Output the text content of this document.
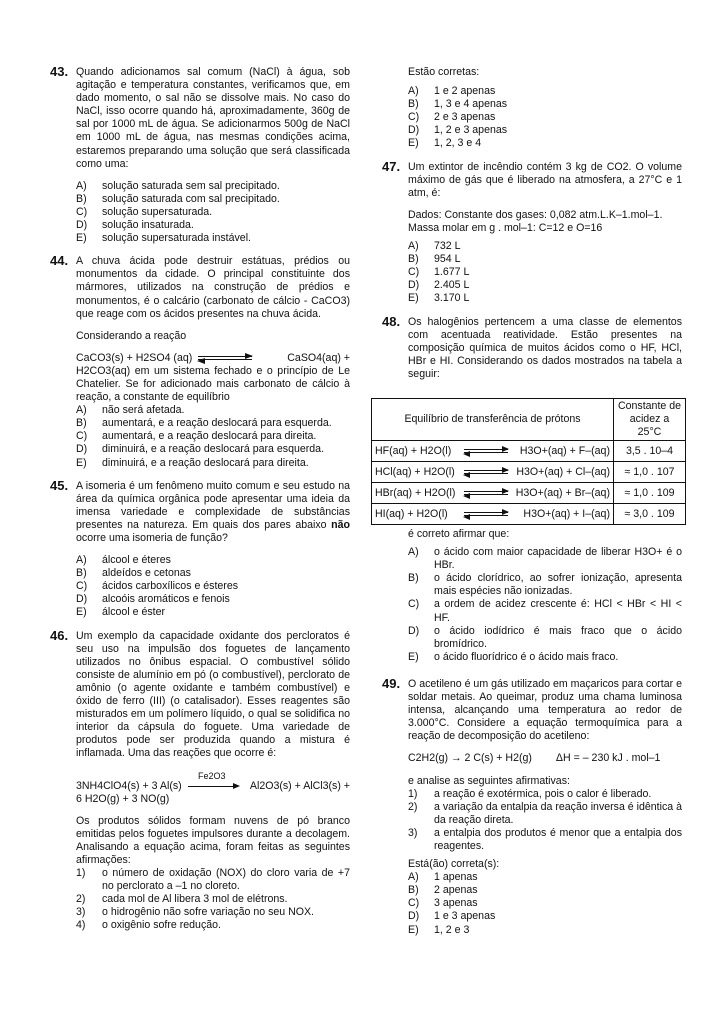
43. Quando adicionamos sal comum (NaCl) à água, sob agitação e temperatura constantes, verificamos que, em dado momento, o sal não se dissolve mais. No caso do NaCl, isso ocorre quando há, aproximadamente, 360g de sal por 1000 mL de água. Se adicionarmos 500g de NaCl em 1000 mL de água, nas mesmas condições acima, estaremos preparando uma solução que será classificada como uma:

A)	solução saturada sem sal precipitado.
B)	solução saturada com sal precipitado.
C)	solução supersaturada.
D)	solução insaturada.
E)	solução supersaturada instável.
44. A chuva ácida pode destruir estátuas, prédios ou monumentos da cidade. O principal constituinte dos mármores, utilizados na construção de prédios e monumentos, é o calcário (carbonato de cálcio - CaCO3) que reage com os ácidos presentes na chuva ácida.

Considerando a reação

CaCO3(s) + H2SO4 (aq)	CaSO4(aq) +

H2CO3(aq) em um sistema fechado e o princípio de Le Chatelier. Se for adicionado mais carbonato de cálcio à reação, a constante de equilíbrio

A)	não será afetada.
B)	aumentará, e a reação deslocará para esquerda.
C)	aumentará, e a reação deslocará para direita.
D)	diminuirá, e a reação deslocará para esquerda.
E)	diminuirá, e a reação deslocará para direita.
45. A isomeria é um fenômeno muito comum e seu estudo na área da química orgânica pode apresentar uma ideia da imensa variedade e complexidade de substâncias presentes na natureza. Em quais dos pares abaixo não ocorre uma isomeria de função?

A)	álcool e éteres
B)	aldeídos e cetonas
C)	ácidos carboxílicos e ésteres
D)	alcoóis aromáticos e fenois
E)	álcool e éster
46. Um exemplo da capacidade oxidante dos percloratos é seu uso na impulsão dos foguetes de lançamento utilizados no ônibus espacial. O combustível sólido consiste de alumínio em pó (o combustível), perclorato de amônio (o agente oxidante e também combustível) e óxido de ferro (III) (o catalisador). Esses reagentes são misturados em um polímero líquido, o qual se solidifica no interior da cápsula do foguete. Uma variedade de produtos pode ser produzida quando a mistura é inflamada. Uma das reações que ocorre é:

Fe2O3
3NH4ClO4(s) + 3 Al(s)	Al2O3(s) + AlCl3(s) +
6 H2O(g) + 3 NO(g)

Os produtos sólidos formam nuvens de pó branco emitidas pelos foguetes impulsores durante a decolagem. Analisando a equação acima, foram feitas as seguintes afirmações:

1)	o número de oxidação (NOX) do cloro varia de +7 no perclorato a –1 no cloreto.
2)	cada mol de Al libera 3 mol de elétrons.
3)	o hidrogênio não sofre variação no seu NOX.
4)	o oxigênio sofre redução.

Estão corretas:

A)	1 e 2 apenas
B)	1, 3 e 4 apenas
C)	2 e 3 apenas
D)	1, 2 e 3 apenas
E)	1, 2, 3 e 4
47. Um extintor de incêndio contém 3 kg de CO2. O volume máximo de gás que é liberado na atmosfera, a 27°C e 1 atm, é:

Dados: Constante dos gases: 0,082 atm.L.K–1.mol–1.

Massa molar em g . mol–1: C=12 e O=16

A)	732 L
B)	954 L
C)	1.677 L
D)	2.405 L
E)	3.170 L
48. Os halogênios pertencem a uma classe de elementos com acentuada reatividade. Estão presentes na composição química de muitos ácidos como o HF, HCl, HBr e HI. Considerando os dados mostrados na tabela a seguir:

Equilíbrio de transferência de prótons	Constante de acidez a 25°C

HF(aq) + H2O(l) H3O+(aq) + F–(aq)	3,5 . 10–4

HCl(aq) + H2O(l) H3O+(aq) + Cl–(aq)	≈ 1,0 . 107

HBr(aq) + H2O(l) H3O+(aq) + Br–(aq)	≈ 1,0 . 109

HI(aq) + H2O(l) H3O+(aq) + I–(aq)	≈ 3,0 . 109

é correto afirmar que:

A)	o ácido com maior capacidade de liberar H3O+ é o HBr.
B)	o ácido clorídrico, ao sofrer ionização, apresenta mais espécies não ionizadas.
C)	a ordem de acidez crescente é: HCl < HBr < HI < HF.
D)	o ácido iodídrico é mais fraco que o ácido bromídrico.
E)	o ácido fluorídrico é o ácido mais fraco.
49. O acetileno é um gás utilizado em maçaricos para cortar e soldar metais. Ao queimar, produz uma chama luminosa intensa, alcançando uma temperatura ao redor de 3.000°C. Considere a equação termoquímica para a reação de decomposição do acetileno:

C2H2(g) → 2 C(s) + H2(g) ΔH = – 230 kJ . mol–1

e analise as seguintes afirmativas:

1)	a reação é exotérmica, pois o calor é liberado.
2)	a variação da entalpia da reação inversa é idêntica à da reação direta.
3)	a entalpia dos produtos é menor que a entalpia dos reagentes.

Está(ão) correta(s):

A)	1 apenas
B)	2 apenas
C)	3 apenas
D)	1 e 3 apenas
E)	1, 2 e 3
